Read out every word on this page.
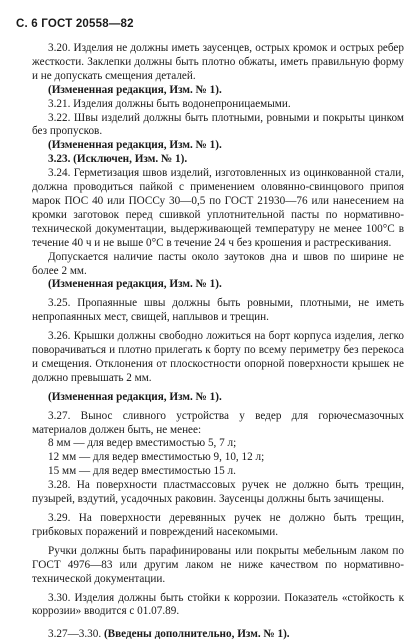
С. 6 ГОСТ 20558—82

3.20. Изделия не должны иметь заусенцев, острых кромок и острых ребер жесткости. Заклепки должны быть плотно обжаты, иметь правильную форму и не допускать смещения деталей.

(Измененная редакция, Изм. № 1).

3.21. Изделия должны быть водонепроницаемыми.

3.22. Швы изделий должны быть плотными, ровными и покрыты цинком без пропусков.

(Измененная редакция, Изм. № 1).

3.23. (Исключен, Изм. № 1).

3.24. Герметизация швов изделий, изготовленных из оцинкованной стали, должна проводиться пайкой с применением оловянно-свинцового припоя марок ПОС 40 или ПОССу 30—0,5 по ГОСТ 21930—76 или нанесением на кромки заготовок перед сшивкой уплотнительной пасты по нормативно-технической документации, выдерживающей температуру не менее 100°С в течение 40 ч и не выше 0°С в течение 24 ч без крошения и растрескивания.

Допускается наличие пасты около заутоков дна и швов по ширине не более 2 мм.

(Измененная редакция, Изм. № 1).

3.25. Пропаянные швы должны быть ровными, плотными, не иметь непропаянных мест, свищей, наплывов и трещин.

3.26. Крышки должны свободно ложиться на борт корпуса изделия, легко поворачиваться и плотно прилегать к борту по всему периметру без перекоса и смещения. Отклонения от плоскостности опорной поверхности крышек не должно превышать 2 мм.

(Измененная редакция, Изм. № 1).

3.27. Вынос сливного устройства у ведер для горючесмазочных материалов должен быть, не менее:

8 мм — для ведер вместимостью 5, 7 л;

12 мм — для ведер вместимостью 9, 10, 12 л;

15 мм — для ведер вместимостью 15 л.

3.28. На поверхности пластмассовых ручек не должно быть трещин, пузырей, вздутий, усадочных раковин. Заусенцы должны быть зачищены.

3.29. На поверхности деревянных ручек не должно быть трещин, грибковых поражений и повреждений насекомыми.

Ручки должны быть парафинированы или покрыты мебельным лаком по ГОСТ 4976—83 или другим лаком не ниже качеством по нормативно-технической документации.

3.30. Изделия должны быть стойки к коррозии. Показатель «стойкость к коррозии» вводится с 01.07.89.

3.27—3.30. (Введены дополнительно, Изм. № 1).
